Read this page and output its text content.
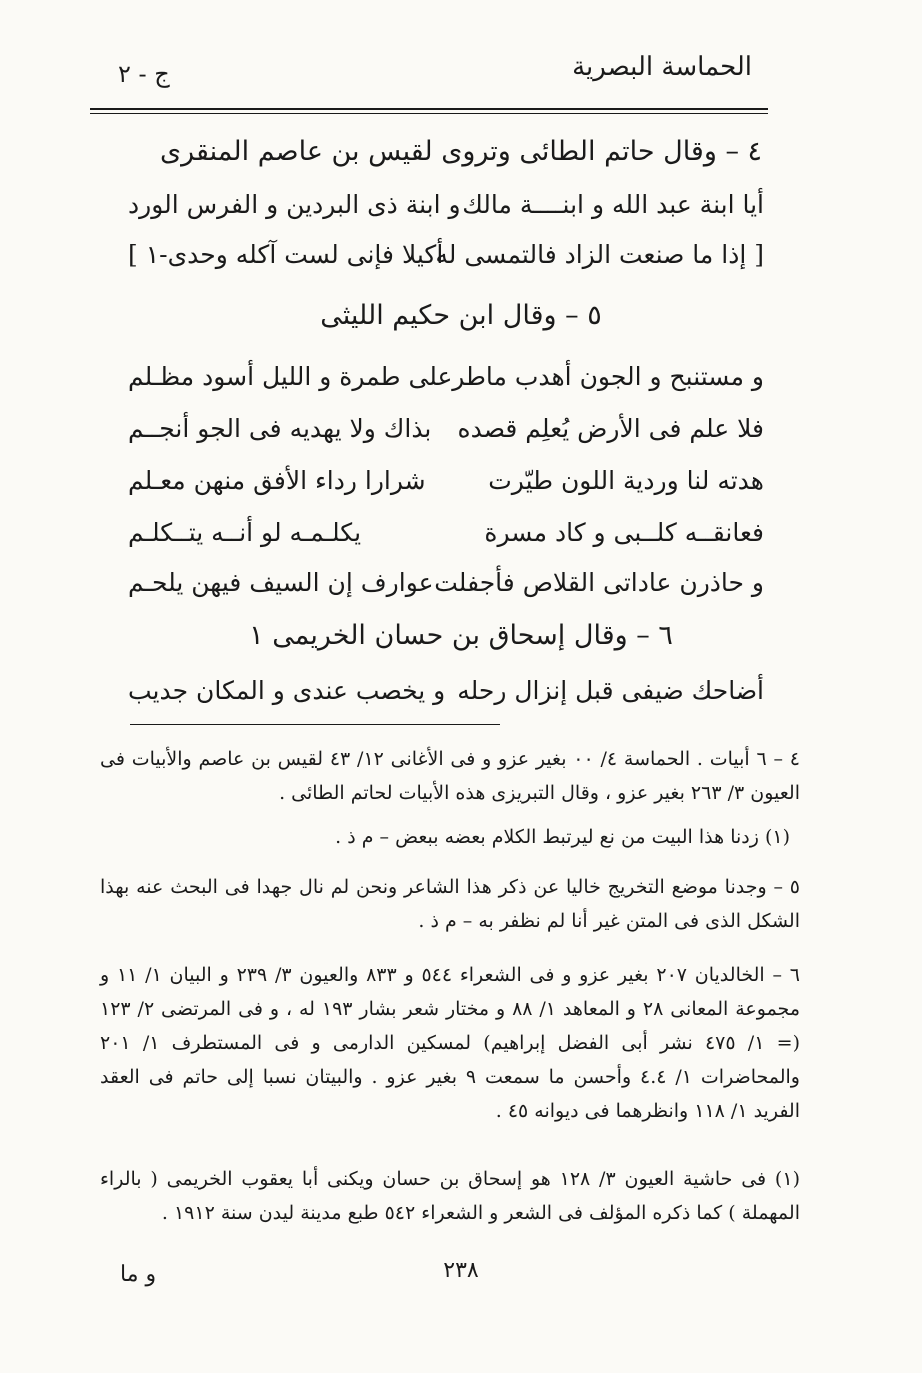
الحماسة البصرية
ج - ٢
٤ – وقال حاتم الطائى وتروى لقيس بن عاصم المنقرى
أيا ابنة عبد الله و ابنــــة مالك
و ابنة ذى البردين و الفرس الورد
[ إذا ما صنعت الزاد فالتمسى له
أكيلا فإنى لست آكله وحدى-١ ]
٥ – وقال ابن حكيم الليثى
و مستنبح و الجون أهدب ماطر
على طمرة و الليل أسود مظـلم
فلا علم فى الأرض يُعلِم قصده
بذاك ولا يهديه فى الجو أنجــم
هدته لنا وردية اللون طيّرت
شرارا رداء الأفق منهن معـلم
فعانقــه كلــبى و كاد مسرة
يكلـمـه لو أنــه يتــكلـم
و حاذرن عاداتى القلاص فأجفلت
عوارف إن السيف فيهن يلحـم
٦ – وقال إسحاق بن حسان الخريمى ١
أضاحك ضيفى قبل إنزال رحله
و يخصب عندى و المكان جديب
٤ – ٦ أبيات . الحماسة ٤/ ٠٠ بغير عزو و فى الأغانى ١٢/ ٤٣ لقيس بن عاصم والأبيات فى العيون ٣/ ٢٦٣ بغير عزو ، وقال التبريزى هذه الأبيات لحاتم الطائى .
(١) زدنا هذا البيت من نع ليرتبط الكلام بعضه ببعض – م ذ .
٥ – وجدنا موضع التخريج خاليا عن ذكر هذا الشاعر ونحن لم نال جهدا فى البحث عنه بهذا الشكل الذى فى المتن غير أنا لم نظفر به – م ذ .
٦ – الخالديان ٢٠٧ بغير عزو و فى الشعراء ٥٤٤ و ٨٣٣ والعيون ٣/ ٢٣٩ و البيان ١/ ١١ و مجموعة المعانى ٢٨ و المعاهد ١/ ٨٨ و مختار شعر بشار ١٩٣ له ، و فى المرتضى ٢/ ١٢٣ (= ١/ ٤٧٥ نشر أبى الفضل إبراهيم) لمسكين الدارمى و فى المستطرف ١/ ٢٠١ والمحاضرات ١/ ٤.٤ وأحسن ما سمعت ٩ بغير عزو . والبيتان نسبا إلى حاتم فى العقد الفريد ١/ ١١٨ وانظرهما فى ديوانه ٤٥ .
(١) فى حاشية العيون ٣/ ١٢٨ هو إسحاق بن حسان ويكنى أبا يعقوب الخريمى ( بالراء المهملة ) كما ذكره المؤلف فى الشعر و الشعراء ٥٤٢ طبع مدينة ليدن سنة ١٩١٢ .
٢٣٨
و ما
